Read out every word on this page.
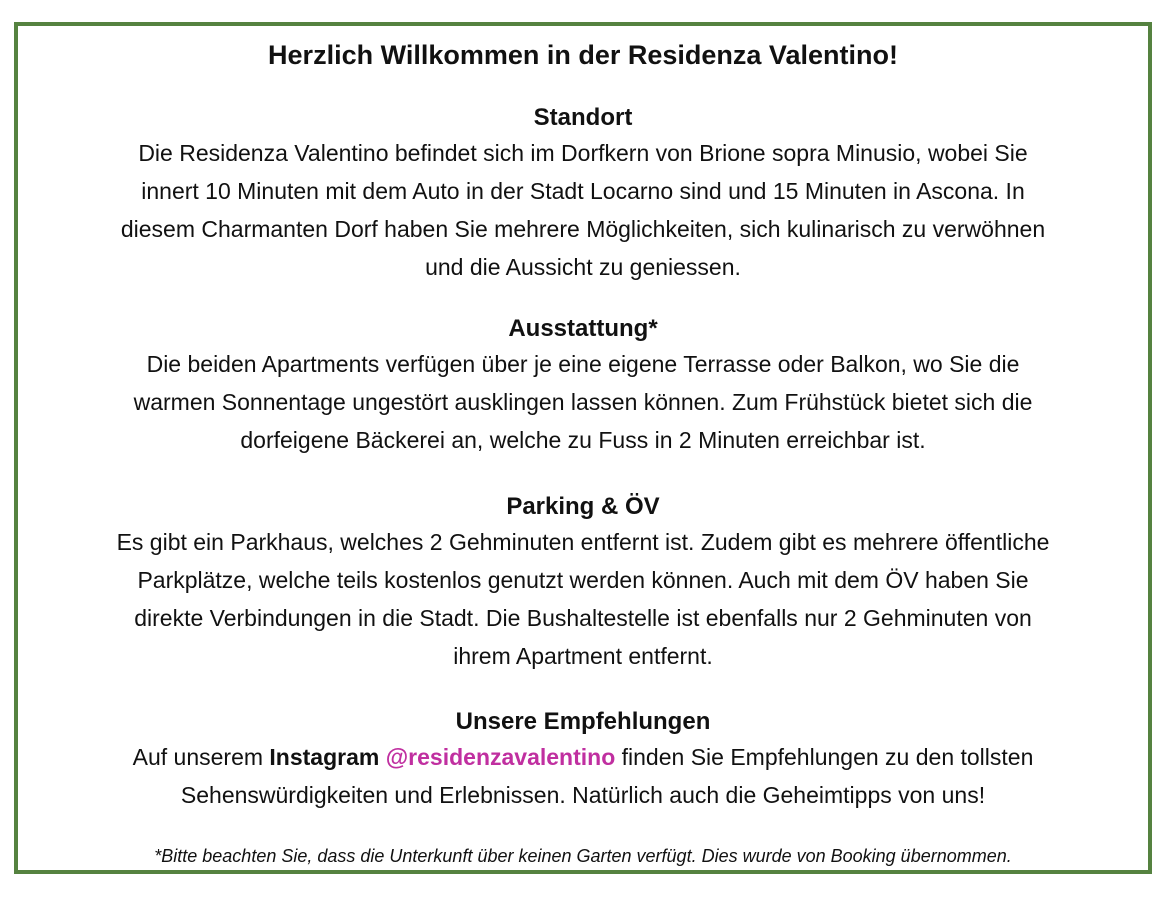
Herzlich Willkommen in der Residenza Valentino!
Standort
Die Residenza Valentino befindet sich im Dorfkern von Brione sopra Minusio, wobei Sie
innert 10 Minuten mit dem Auto in der Stadt Locarno sind und 15 Minuten in Ascona. In
diesem Charmanten Dorf haben Sie mehrere Möglichkeiten, sich kulinarisch zu verwöhnen
und die Aussicht zu geniessen.
Ausstattung*
Die beiden Apartments verfügen über je eine eigene Terrasse oder Balkon, wo Sie die
warmen Sonnentage ungestört ausklingen lassen können. Zum Frühstück bietet sich die
dorfeigene Bäckerei an, welche zu Fuss in 2 Minuten erreichbar ist.
Parking & ÖV
Es gibt ein Parkhaus, welches 2 Gehminuten entfernt ist. Zudem gibt es mehrere öffentliche
Parkplätze, welche teils kostenlos genutzt werden können. Auch mit dem ÖV haben Sie
direkte Verbindungen in die Stadt. Die Bushaltestelle ist ebenfalls nur 2 Gehminuten von
ihrem Apartment entfernt.
Unsere Empfehlungen
Auf unserem Instagram @residenzavalentino finden Sie Empfehlungen zu den tollsten
Sehenswürdigkeiten und Erlebnissen. Natürlich auch die Geheimtipps von uns!

*Bitte beachten Sie, dass die Unterkunft über keinen Garten verfügt. Dies wurde von Booking übernommen.
